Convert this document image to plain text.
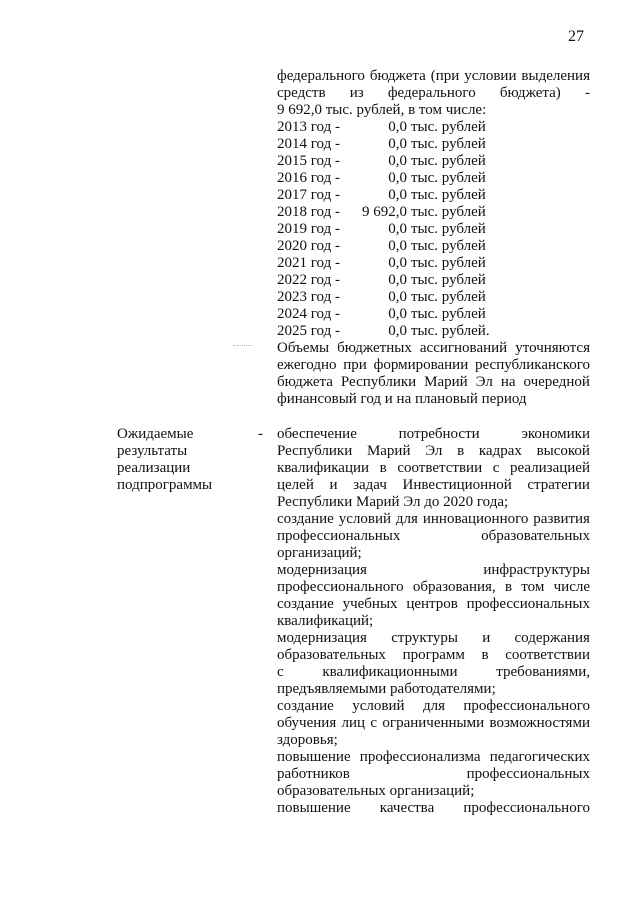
27
федерального бюджета (при условии выделения
средств из федерального бюджета) -
9 692,0 тыс. рублей, в том числе:
2013 год -	0,0 тыс. рублей
2014 год -	0,0 тыс. рублей
2015 год -	0,0 тыс. рублей
2016 год -	0,0 тыс. рублей
2017 год -	0,0 тыс. рублей
2018 год -	9 692,0 тыс. рублей
2019 год -	0,0 тыс. рублей
2020 год -	0,0 тыс. рублей
2021 год -	0,0 тыс. рублей
2022 год -	0,0 тыс. рублей
2023 год -	0,0 тыс. рублей
2024 год -	0,0 тыс. рублей
2025 год -	0,0 тыс. рублей.
Объемы бюджетных ассигнований уточняются
ежегодно при формировании республиканского
бюджета Республики Марий Эл на очередной
финансовый год и на плановый период
Ожидаемые
результаты
реализации
подпрограммы
- обеспечение	потребности	экономики
Республики Марий Эл в кадрах высокой
квалификации в соответствии с реализацией
целей и задач Инвестиционной стратегии
Республики Марий Эл до 2020 года;
создание условий для инновационного развития
профессиональных	образовательных
организаций;
модернизация	инфраструктуры
профессионального образования, в том числе
создание учебных центров профессиональных
квалификаций;
модернизация структуры и содержания
образовательных программ в соответствии
с	квалификационными	требованиями,
предъявляемыми работодателями;
создание условий для профессионального
обучения лиц с ограниченными возможностями
здоровья;
повышение профессионализма педагогических
работников	профессиональных
образовательных организаций;
повышение качества профессионального
